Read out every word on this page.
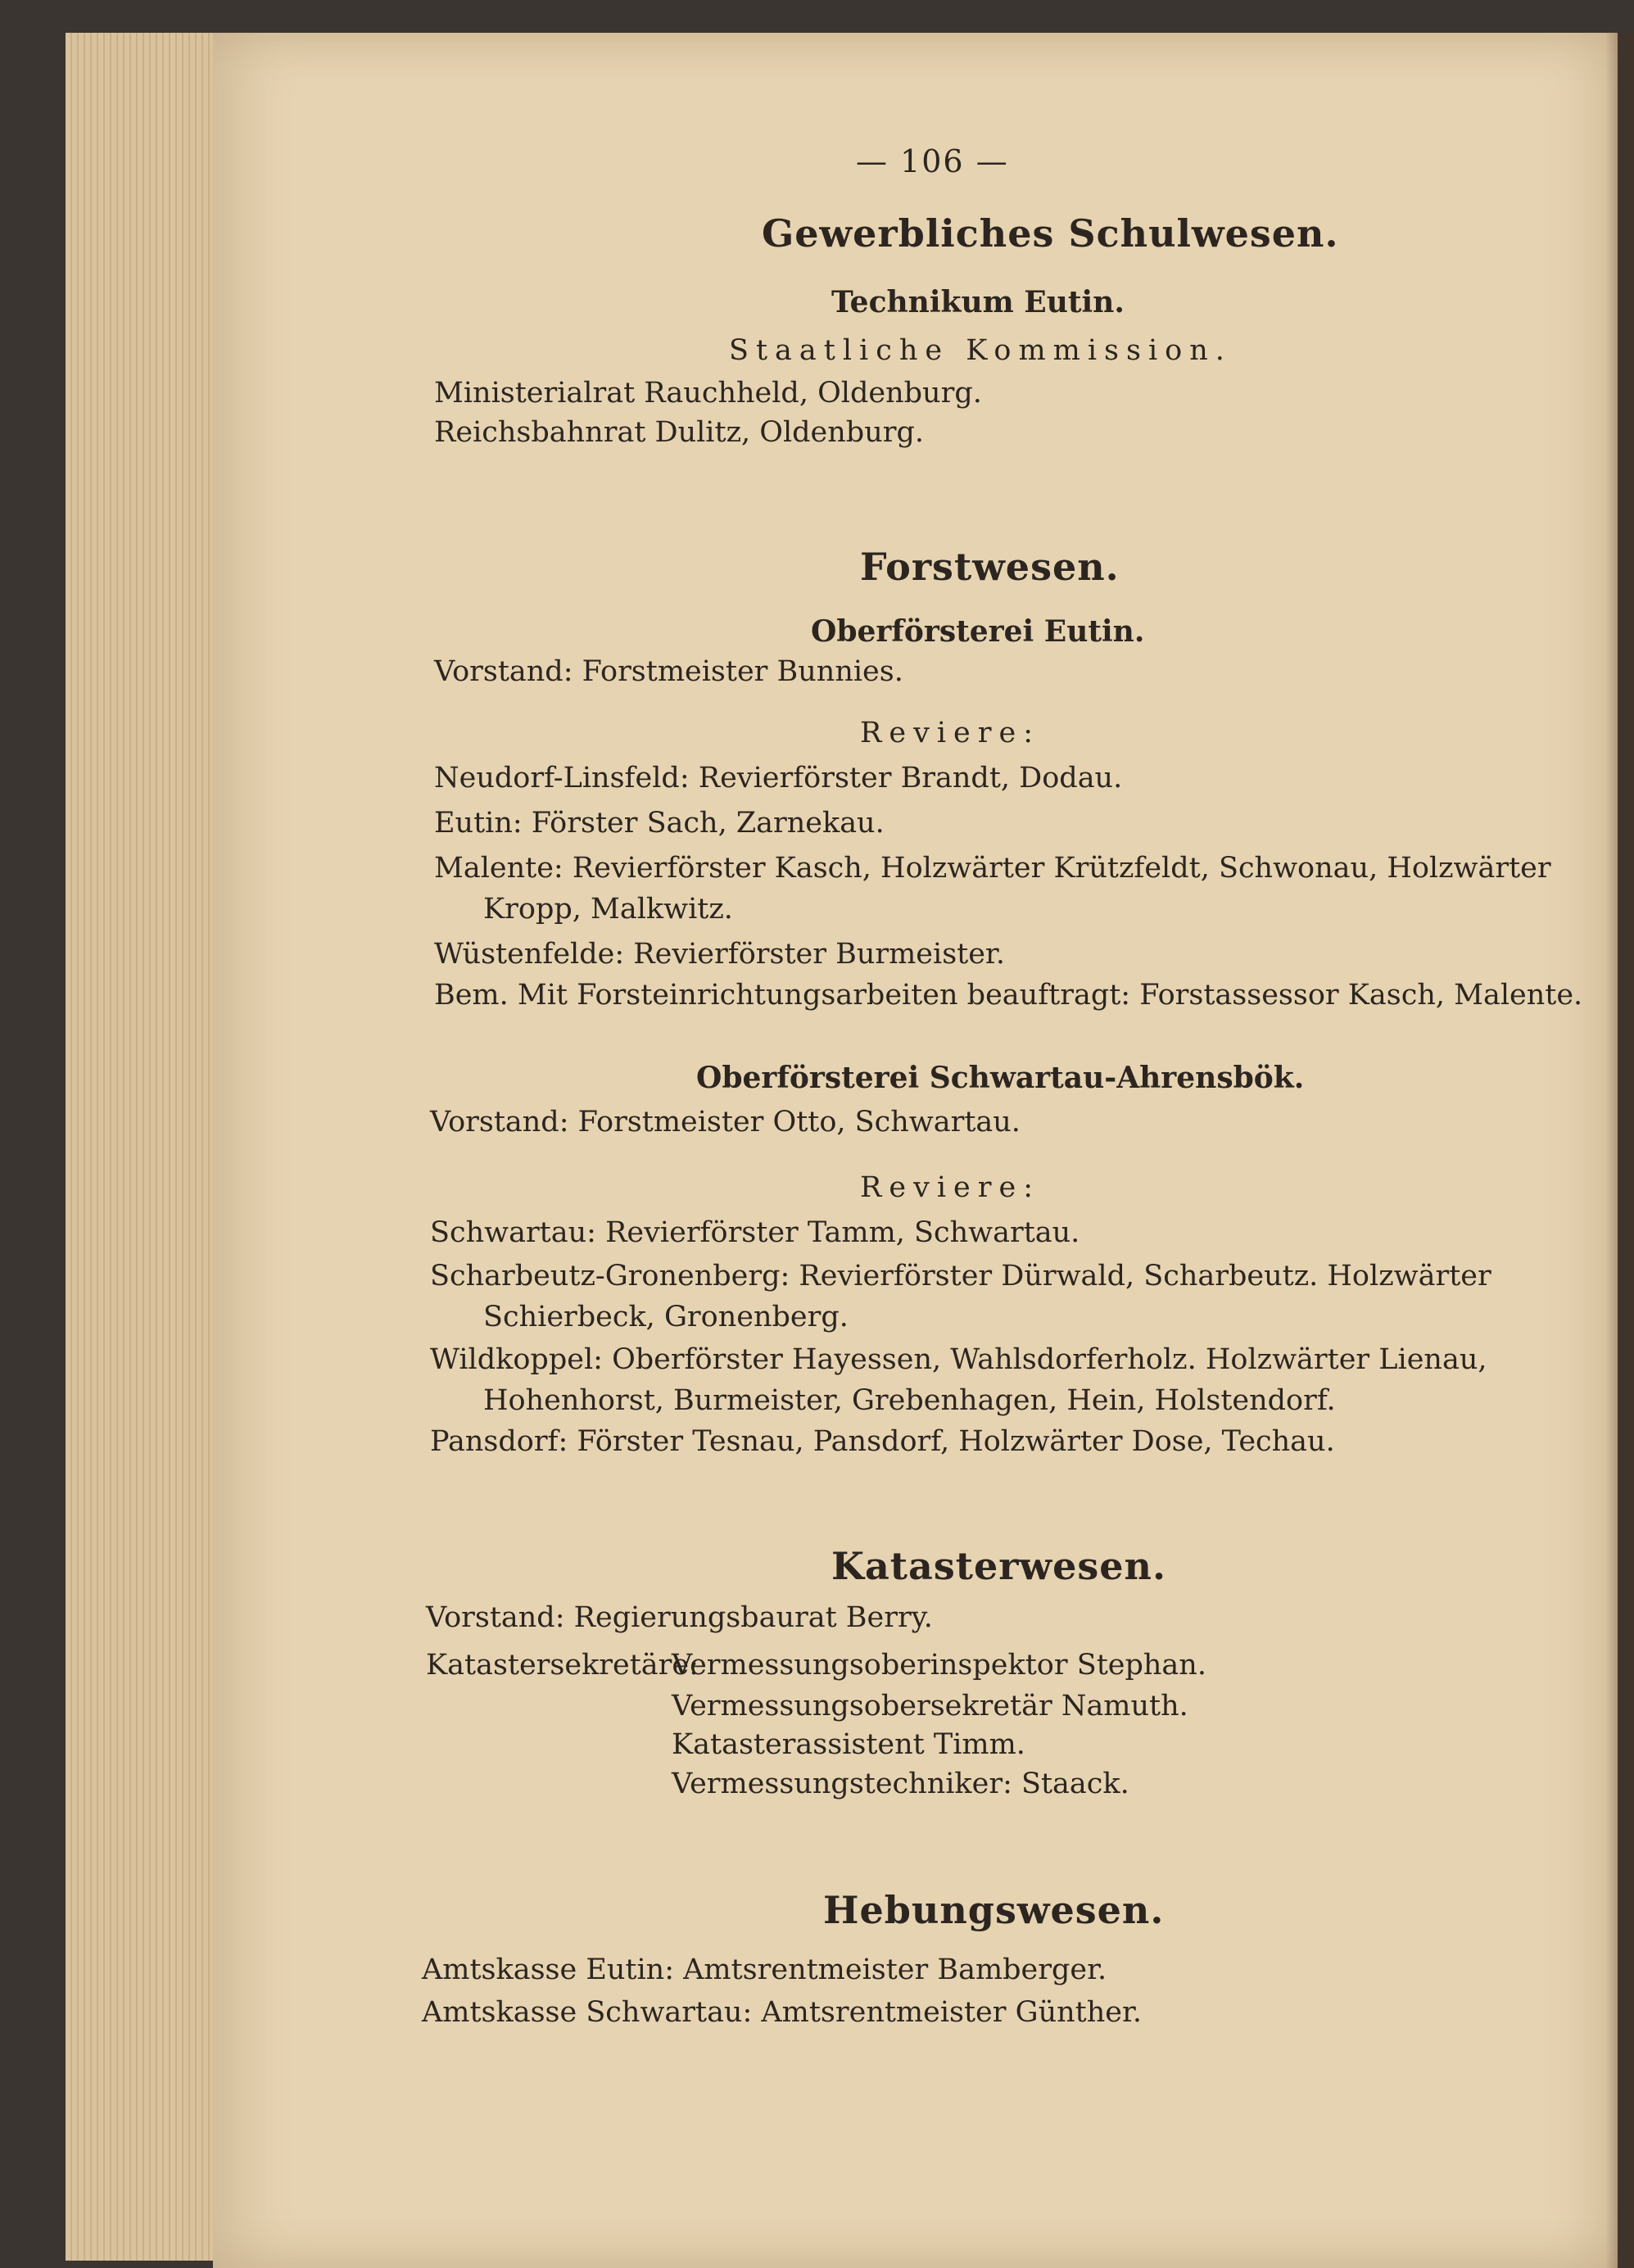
— 106 —
Gewerbliches Schulwesen.
Technikum Eutin.
Staatliche Kommission.
Ministerialrat Rauchheld, Oldenburg.
Reichsbahnrat Dulitz, Oldenburg.
Forstwesen.
Oberförsterei Eutin.
Vorstand: Forstmeister Bunnies.
Reviere:
Neudorf-Linsfeld: Revierförster Brandt, Dodau.
Eutin: Förster Sach, Zarnekau.
Malente: Revierförster Kasch, Holzwärter Krützfeldt, Schwonau, Holzwärter
Kropp, Malkwitz.
Wüstenfelde: Revierförster Burmeister.
Bem. Mit Forsteinrichtungsarbeiten beauftragt: Forstassessor Kasch, Malente.
Oberförsterei Schwartau-Ahrensbök.
Vorstand: Forstmeister Otto, Schwartau.
Reviere:
Schwartau: Revierförster Tamm, Schwartau.
Scharbeutz-Gronenberg: Revierförster Dürwald, Scharbeutz. Holzwärter
Schierbeck, Gronenberg.
Wildkoppel: Oberförster Hayessen, Wahlsdorferholz. Holzwärter Lienau,
Hohenhorst, Burmeister, Grebenhagen, Hein, Holstendorf.
Pansdorf: Förster Tesnau, Pansdorf, Holzwärter Dose, Techau.
Katasterwesen.
Vorstand: Regierungsbaurat Berry.
Katastersekretäre:
Vermessungsoberinspektor Stephan.
Vermessungsobersekretär Namuth.
Katasterassistent Timm.
Vermessungstechniker: Staack.
Hebungswesen.
Amtskasse Eutin: Amtsrentmeister Bamberger.
Amtskasse Schwartau: Amtsrentmeister Günther.
